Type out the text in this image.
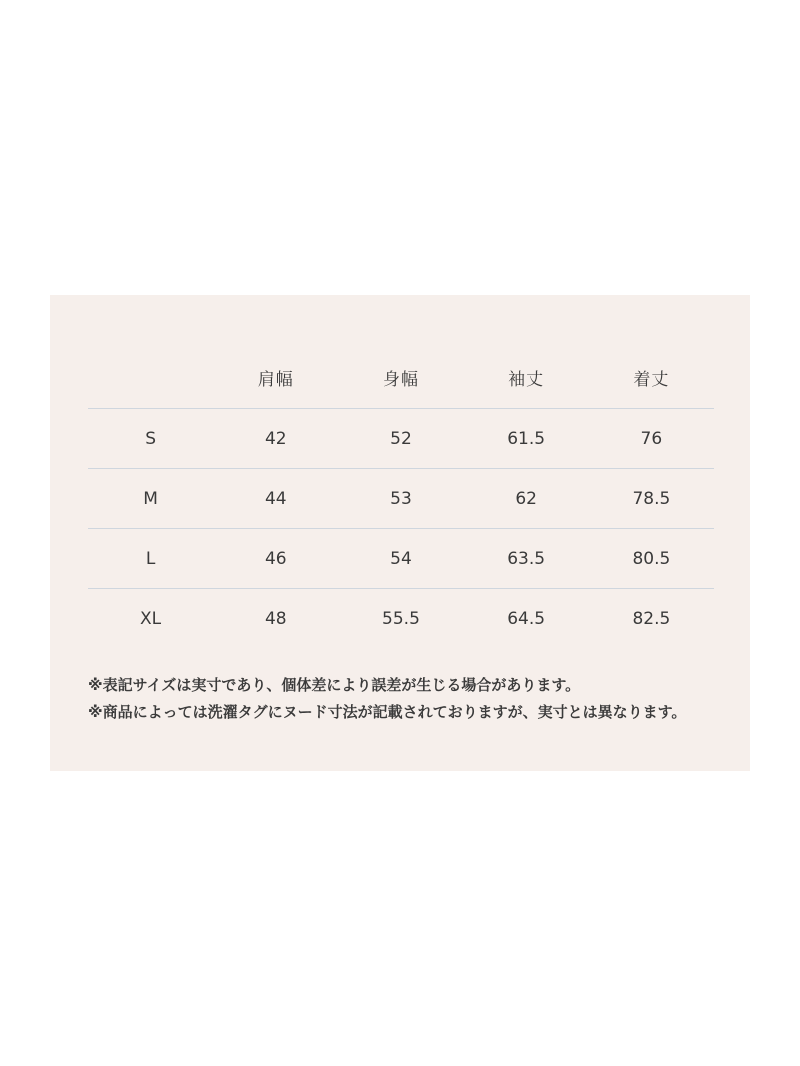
	肩幅	身幅	袖丈	着丈
S	42	52	61.5	76
M	44	53	62	78.5
L	46	54	63.5	80.5
XL	48	55.5	64.5	82.5

※表記サイズは実寸であり、個体差により誤差が生じる場合があります。

※商品によっては洗濯タグにヌード寸法が記載されておりますが、実寸とは異なります。
